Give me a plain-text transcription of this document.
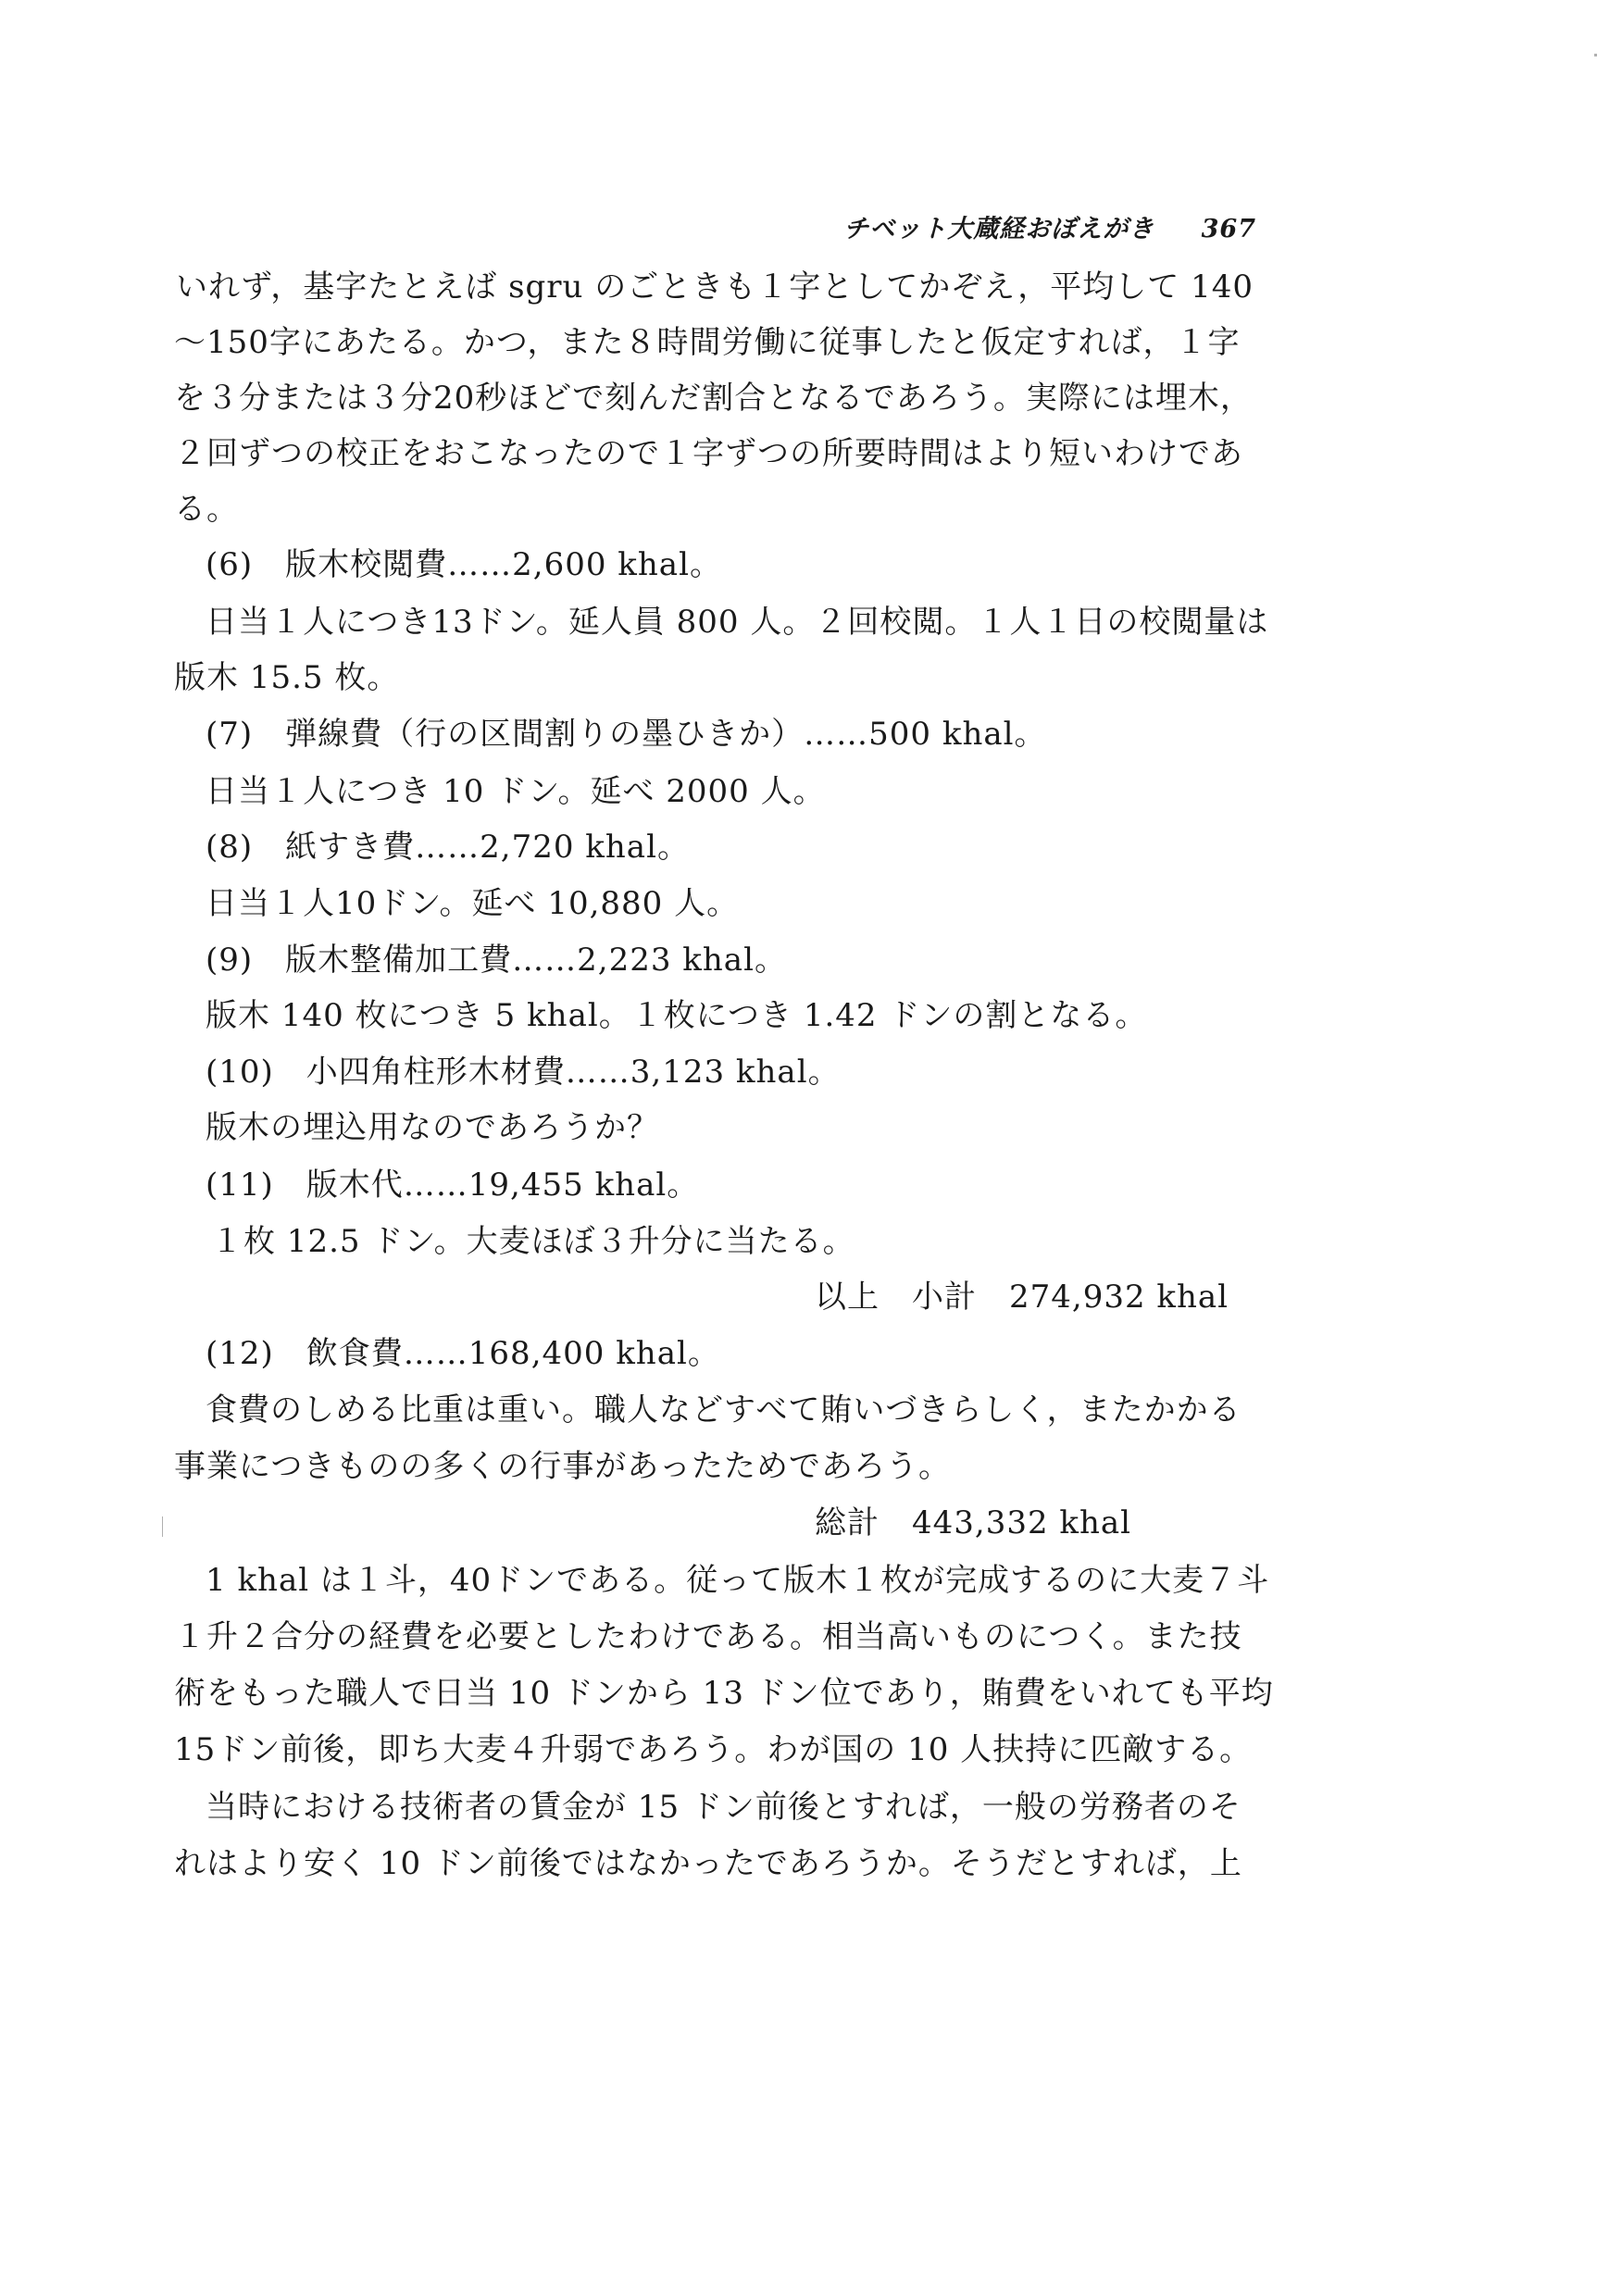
チベット大蔵経おぼえがき 367
いれず，基字たとえば sgru のごときも１字としてかぞえ，平均して 140
～150字にあたる。かつ，また８時間労働に従事したと仮定すれば，１字
を３分または３分20秒ほどで刻んだ割合となるであろう。実際には埋木，
２回ずつの校正をおこなったので１字ずつの所要時間はより短いわけであ
る。
(6)　版木校閲費……2,600 khal。
日当１人につき13ドン。延人員 800 人。２回校閲。１人１日の校閲量は
版木 15.5 枚。
(7)　弾線費（行の区間割りの墨ひきか）……500 khal。
日当１人につき 10 ドン。延べ 2000 人。
(8)　紙すき費……2,720 khal。
日当１人10ドン。延べ 10,880 人。
(9)　版木整備加工費……2,223 khal。
版木 140 枚につき 5 khal。１枚につき 1.42 ドンの割となる。
(10)　小四角柱形木材費……3,123 khal。
版木の埋込用なのであろうか？
(11)　版木代……19,455 khal。
１枚 12.5 ドン。大麦ほぼ３升分に当たる。
以上　小計　274,932 khal
(12)　飲食費……168,400 khal。
食費のしめる比重は重い。職人などすべて賄いづきらしく，またかかる
事業につきものの多くの行事があったためであろう。
総計　443,332 khal
1 khal は１斗，40ドンである。従って版木１枚が完成するのに大麦７斗
１升２合分の経費を必要としたわけである。相当高いものにつく。また技
術をもった職人で日当 10 ドンから 13 ドン位であり，賄費をいれても平均
15ドン前後，即ち大麦４升弱であろう。わが国の 10 人扶持に匹敵する。
当時における技術者の賃金が 15 ドン前後とすれば，一般の労務者のそ
れはより安く 10 ドン前後ではなかったであろうか。そうだとすれば，上
